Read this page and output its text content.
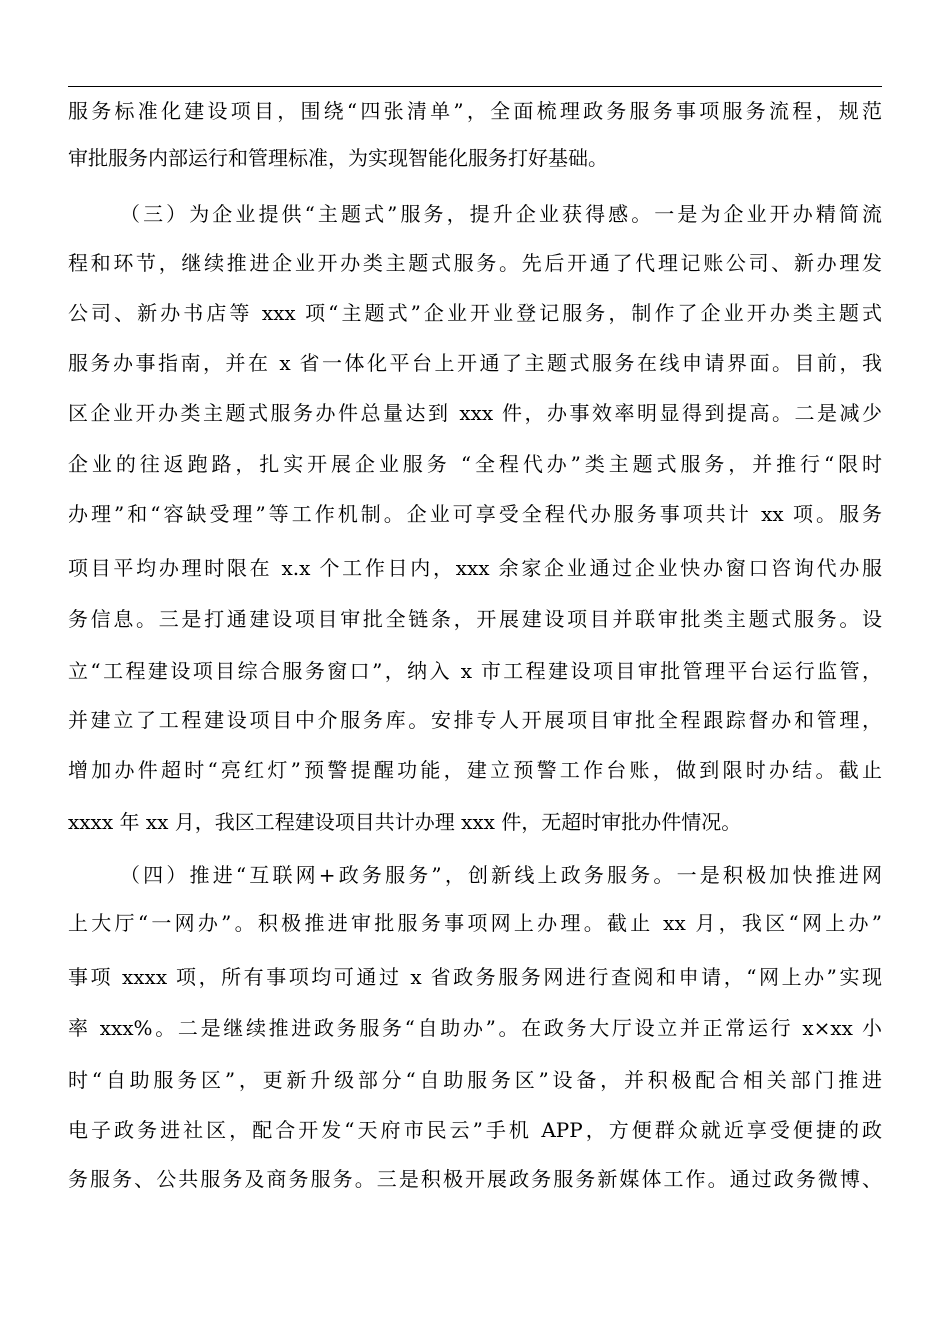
服务标准化建设项目，围绕“四张清单”，全面梳理政务服务事项服务流程，规范
审批服务内部运行和管理标准，为实现智能化服务打好基础。
（三）为企业提供“主题式”服务，提升企业获得感。一是为企业开办精简流
程和环节，继续推进企业开办类主题式服务。先后开通了代理记账公司、新办理发
公司、新办书店等 xxx 项“主题式”企业开业登记服务，制作了企业开办类主题式
服务办事指南，并在 x 省一体化平台上开通了主题式服务在线申请界面。目前，我
区企业开办类主题式服务办件总量达到 xxx 件，办事效率明显得到提高。二是减少
企业的往返跑路，扎实开展企业服务 “全程代办”类主题式服务，并推行“限时
办理”和“容缺受理”等工作机制。企业可享受全程代办服务事项共计 xx 项。服务
项目平均办理时限在 x.x 个工作日内，xxx 余家企业通过企业快办窗口咨询代办服
务信息。三是打通建设项目审批全链条，开展建设项目并联审批类主题式服务。设
立“工程建设项目综合服务窗口”，纳入 x 市工程建设项目审批管理平台运行监管，
并建立了工程建设项目中介服务库。安排专人开展项目审批全程跟踪督办和管理，
增加办件超时“亮红灯”预警提醒功能，建立预警工作台账，做到限时办结。截止
xxxx 年 xx 月，我区工程建设项目共计办理 xxx 件，无超时审批办件情况。
（四）推进“互联网+政务服务”，创新线上政务服务。一是积极加快推进网
上大厅“一网办”。积极推进审批服务事项网上办理。截止 xx 月，我区“网上办”
事项 xxxx 项，所有事项均可通过 x 省政务服务网进行查阅和申请，“网上办”实现
率 xxx%。二是继续推进政务服务“自助办”。在政务大厅设立并正常运行 x×xx 小
时“自助服务区”，更新升级部分“自助服务区”设备，并积极配合相关部门推进
电子政务进社区，配合开发“天府市民云”手机 APP，方便群众就近享受便捷的政
务服务、公共服务及商务服务。三是积极开展政务服务新媒体工作。通过政务微博、
